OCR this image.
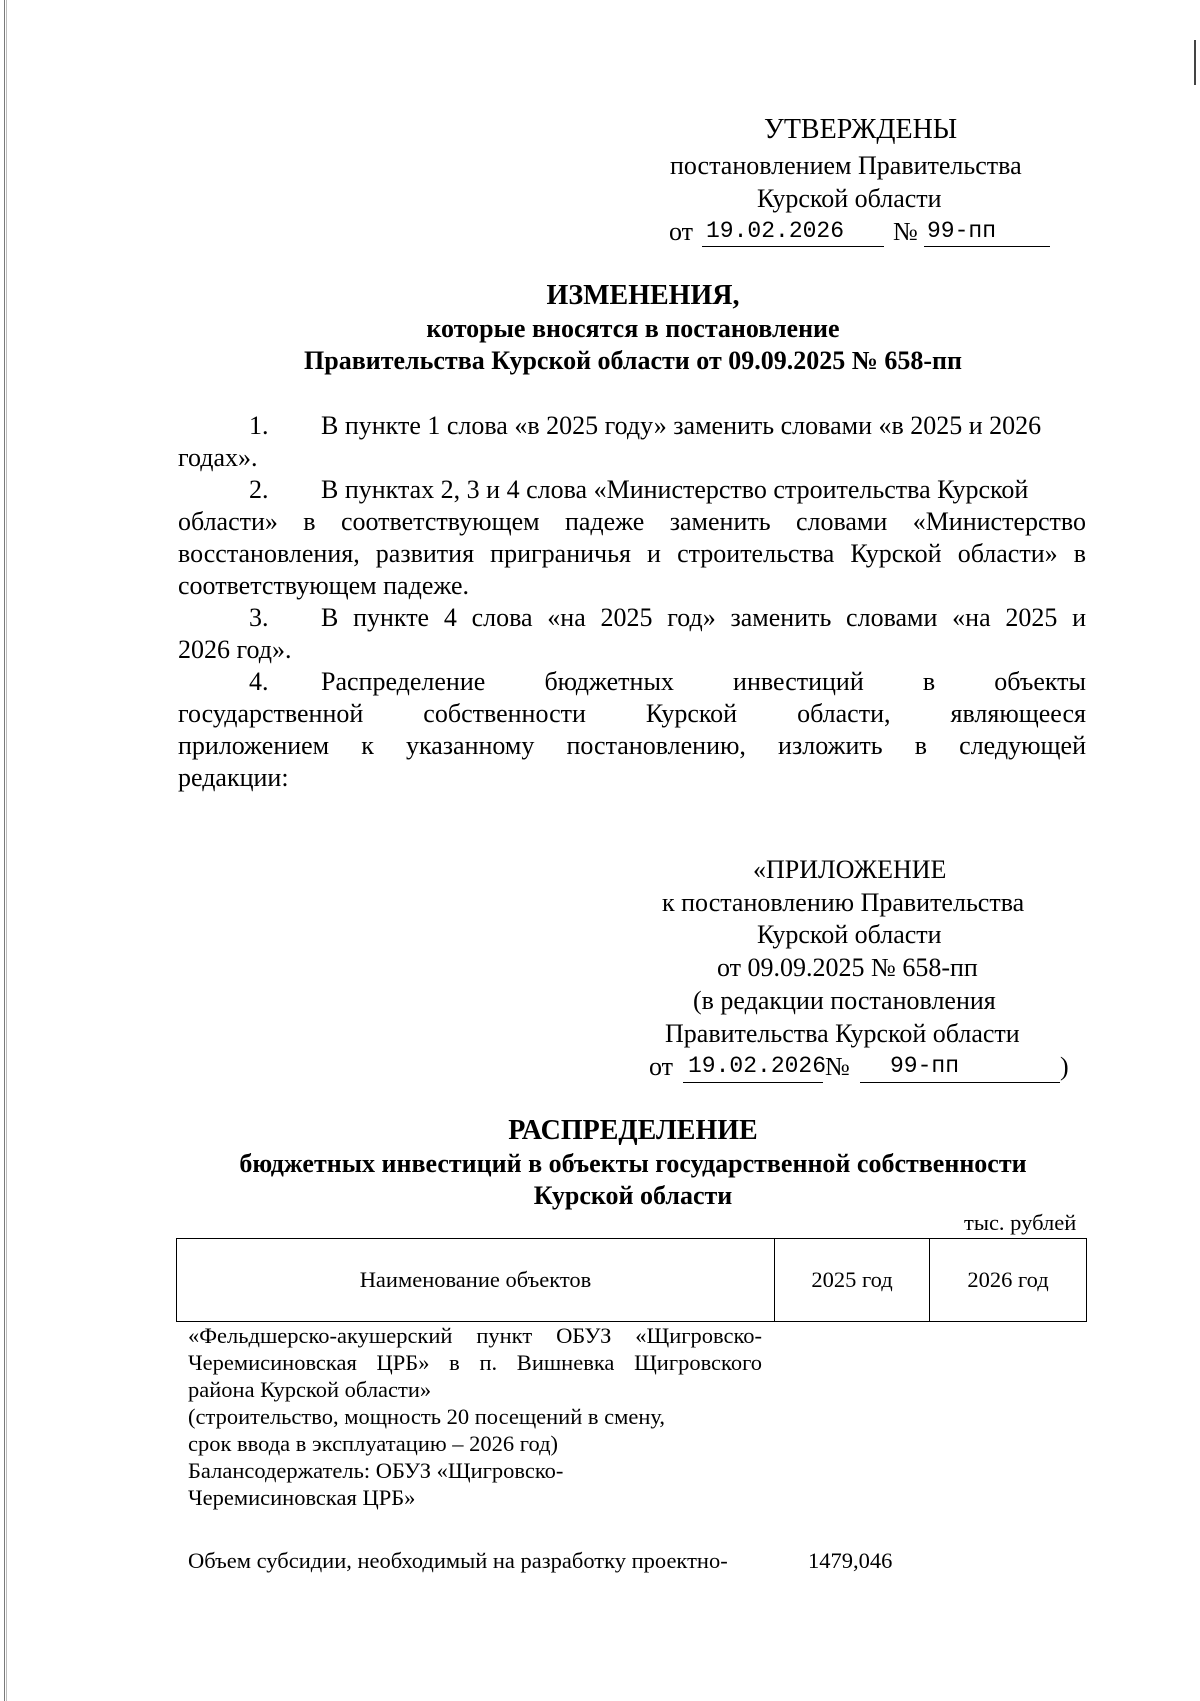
УТВЕРЖДЕНЫ
постановлением Правительства
Курской области
от 19.02.2026 № 99-пп
ИЗМЕНЕНИЯ,
которые вносятся в постановление
Правительства Курской области от 09.09.2025 № 658-пп
1. В пункте 1 слова «в 2025 году» заменить словами «в 2025 и 2026
годах».
2. В пунктах 2, 3 и 4 слова «Министерство строительства Курской
области» в соответствующем падеже заменить словами «Министерство
восстановления, развития приграничья и строительства Курской области» в
соответствующем падеже.
3. В пункте 4 слова «на 2025 год» заменить словами «на 2025 и
2026 год».
4. Распределение бюджетных инвестиций в объекты
государственной собственности Курской области, являющееся
приложением к указанному постановлению, изложить в следующей
редакции:
«ПРИЛОЖЕНИЕ
к постановлению Правительства
Курской области
от 09.09.2025 № 658-пп
(в редакции постановления
Правительства Курской области
от 19.02.2026
№ 99-пп	)
РАСПРЕДЕЛЕНИЕ
бюджетных инвестиций в объекты государственной собственности
Курской области
тыс. рублей
Наименование объектов	2025 год	2026 год
«Фельдшерско-акушерский пункт ОБУЗ «Щигровско-
Черемисиновская ЦРБ» в п. Вишневка Щигровского
района Курской области»
(строительство, мощность 20 посещений в смену,
срок ввода в эксплуатацию – 2026 год)
Балансодержатель: ОБУЗ «Щигровско-
Черемисиновская ЦРБ»
Объем субсидии, необходимый на разработку проектно-	1479,046
